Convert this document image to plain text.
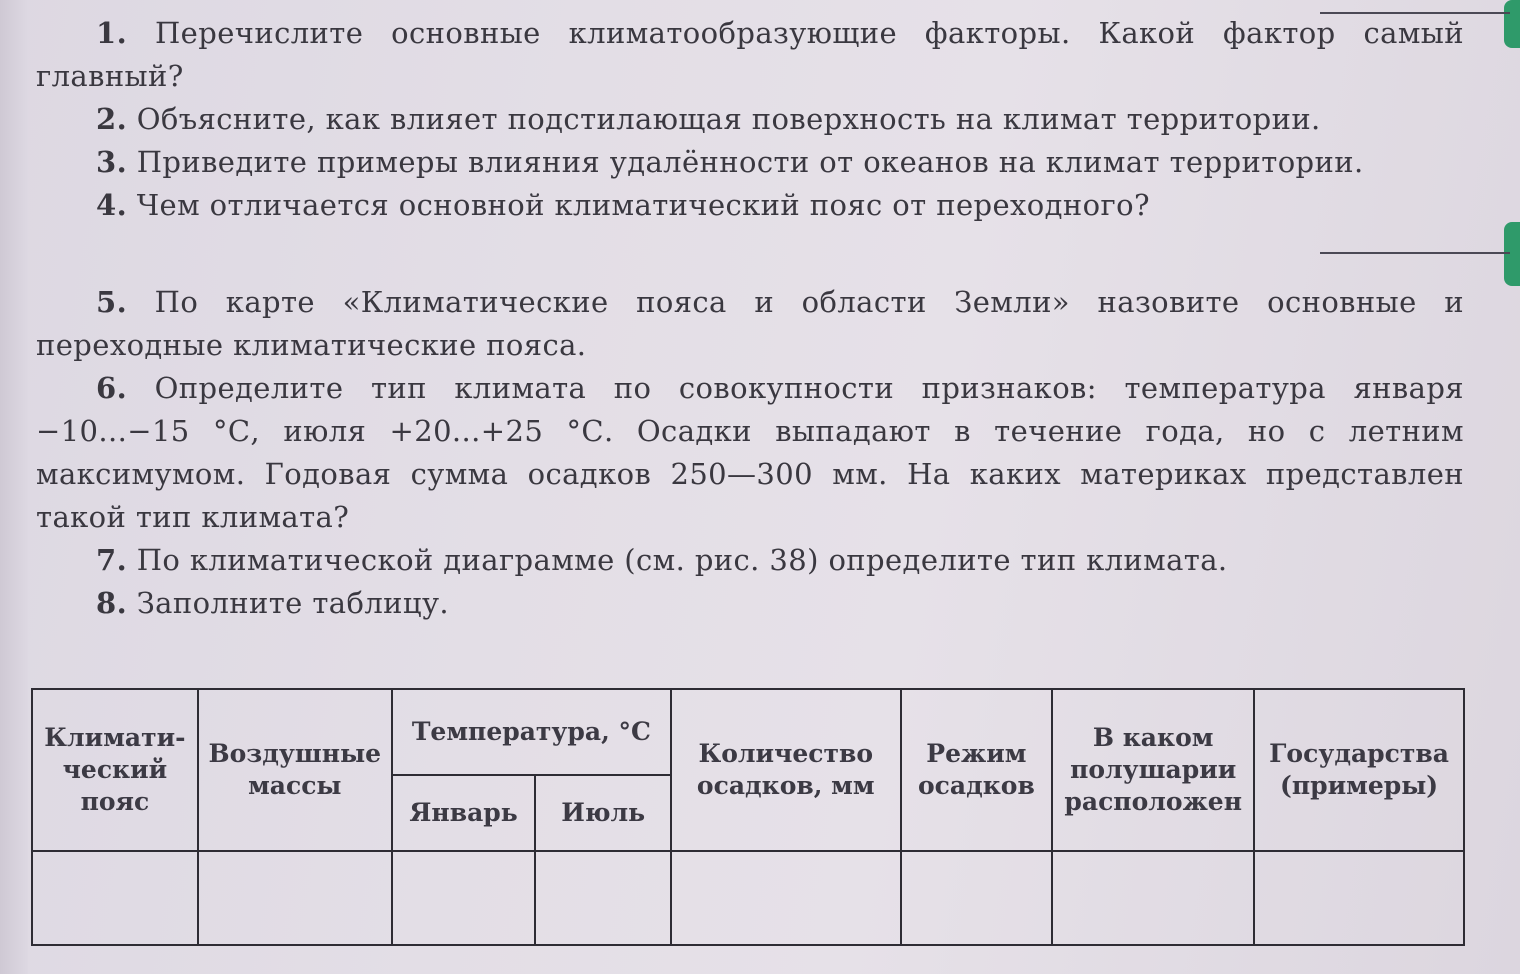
1. Перечислите основные климатообразующие факторы. Какой фактор самый главный?

2. Объясните, как влияет подстилающая поверхность на климат территории.

3. Приведите примеры влияния удалённости от океанов на климат территории.

4. Чем отличается основной климатический пояс от переходного?

5. По карте «Климатические пояса и области Земли» назовите основные и переходные климатические пояса.

6. Определите тип климата по совокупности признаков: температура января −10...−15 °С, июля +20...+25 °С. Осадки выпадают в течение года, но с летним максимумом. Годовая сумма осадков 250—300 мм. На каких материках представлен такой тип климата?

7. По климатической диаграмме (см. рис. 38) определите тип климата.

8. Заполните таблицу.

Климати-ческий пояс	Воздушные массы	Температура, °С		Количество осадков, мм	Режим осадков	В каком полушарии расположен	Государства (примеры)
		Январь	Июль				
